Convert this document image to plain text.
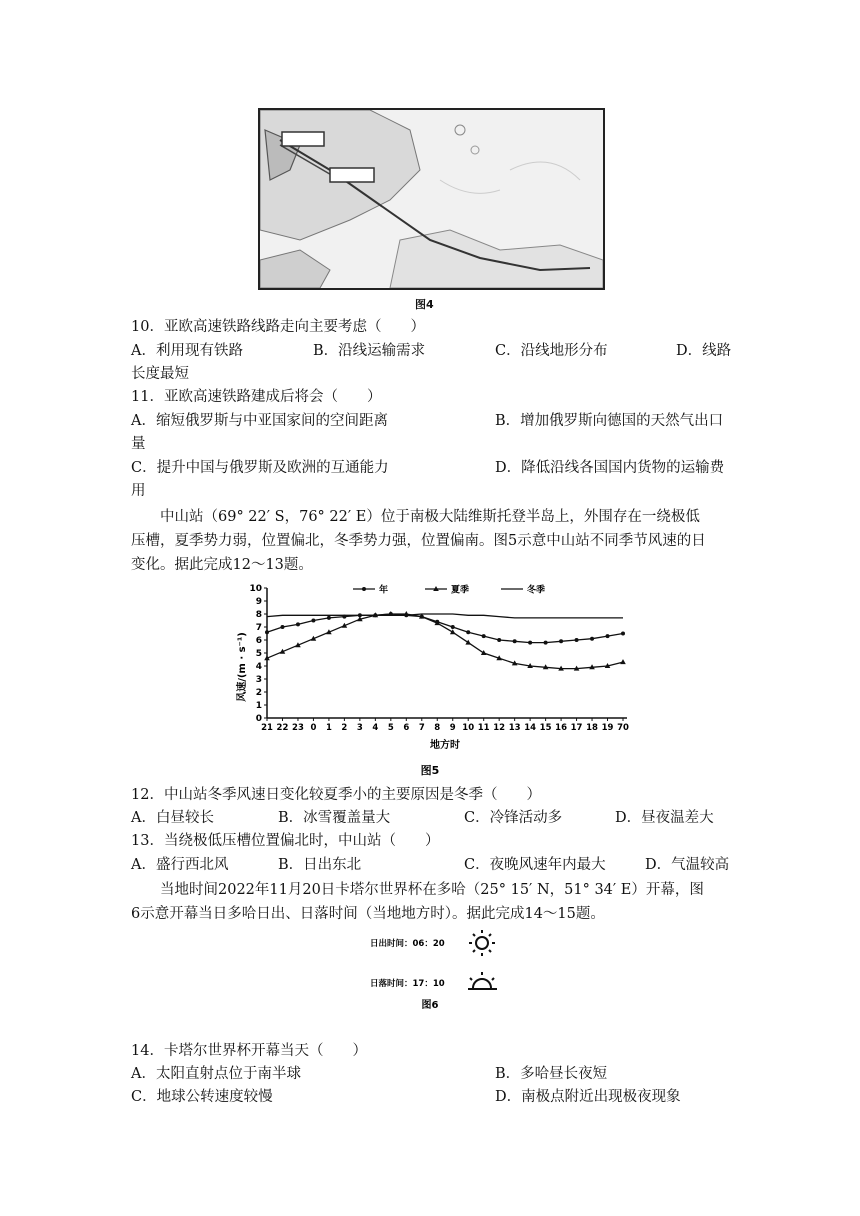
图4
10．亚欧高速铁路线路走向主要考虑（　　）
A．利用现有铁路	B．沿线运输需求	C．沿线地形分布	D．线路
长度最短
11．亚欧高速铁路建成后将会（　　）
A．缩短俄罗斯与中亚国家间的空间距离	B．增加俄罗斯向德国的天然气出口
量
C．提升中国与俄罗斯及欧洲的互通能力	D．降低沿线各国国内货物的运输费
用
中山站（69° 22′ S，76° 22′ E）位于南极大陆维斯托登半岛上，外围存在一绕极低
压槽，夏季势力弱，位置偏北，冬季势力强，位置偏南。图5示意中山站不同季节风速的日
变化。据此完成12～13题。
0
1
2
3
4
5
6
7
8
9
10
21 22 23 0 1 2 3 4 5 6 7 8 9 10 11 12 13 14 15 16 17 18 19 70
年	夏季	冬季
风速/(m · s⁻¹)
地方时
图5
12．中山站冬季风速日变化较夏季小的主要原因是冬季（　　）
A．白昼较长	B．冰雪覆盖量大	C．冷锋活动多	D．昼夜温差大
13．当绕极低压槽位置偏北时，中山站（　　）
A．盛行西北风	B．日出东北	C．夜晚风速年内最大	D．气温较高
当地时间2022年11月20日卡塔尔世界杯在多哈（25° 15′ N，51° 34′ E）开幕，图
6示意开幕当日多哈日出、日落时间（当地地方时）。据此完成14～15题。
日出时间：06：20
日落时间：17：10
图6
14．卡塔尔世界杯开幕当天（　　）
A．太阳直射点位于南半球	B．多哈昼长夜短
C．地球公转速度较慢	D．南极点附近出现极夜现象
